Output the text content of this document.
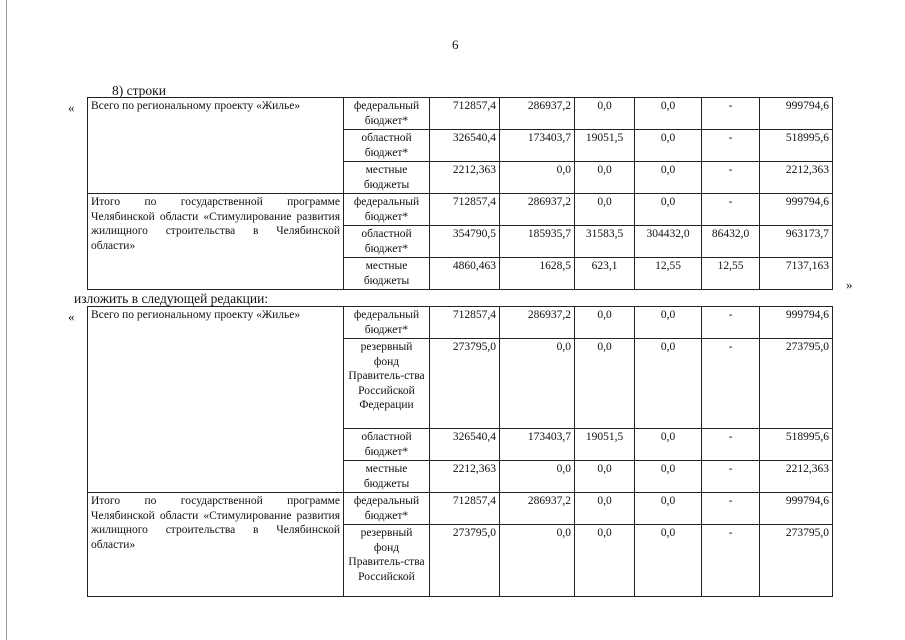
6
8) строки
« Всего по региональному проекту «Жилье»	федеральный бюджет*	712857,4	286937,2	0,0	0,0	-	999794,6
	областной бюджет*	326540,4	173403,7	19051,5	0,0	-	518995,6
	местные бюджеты	2212,363	0,0	0,0	0,0	-	2212,363
Итого по государственной программе Челябинской области «Стимулирование развития жилищного строительства в Челябинской области»	федеральный бюджет*	712857,4	286937,2	0,0	0,0	-	999794,6
	областной бюджет*	354790,5	185935,7	31583,5	304432,0	86432,0	963173,7
	местные бюджеты	4860,463	1628,5	623,1	12,55	12,55	7137,163
»
изложить в следующей редакции:
« Всего по региональному проекту «Жилье»	федеральный бюджет*	712857,4	286937,2	0,0	0,0	-	999794,6
	резервный фонд Правитель-ства Российской Федерации	273795,0	0,0	0,0	0,0	-	273795,0
	областной бюджет*	326540,4	173403,7	19051,5	0,0	-	518995,6
	местные бюджеты	2212,363	0,0	0,0	0,0	-	2212,363
Итого по государственной программе Челябинской области «Стимулирование развития жилищного строительства в Челябинской области»	федеральный бюджет*	712857,4	286937,2	0,0	0,0	-	999794,6
	резервный фонд Правитель-ства Российской	273795,0	0,0	0,0	0,0	-	273795,0
